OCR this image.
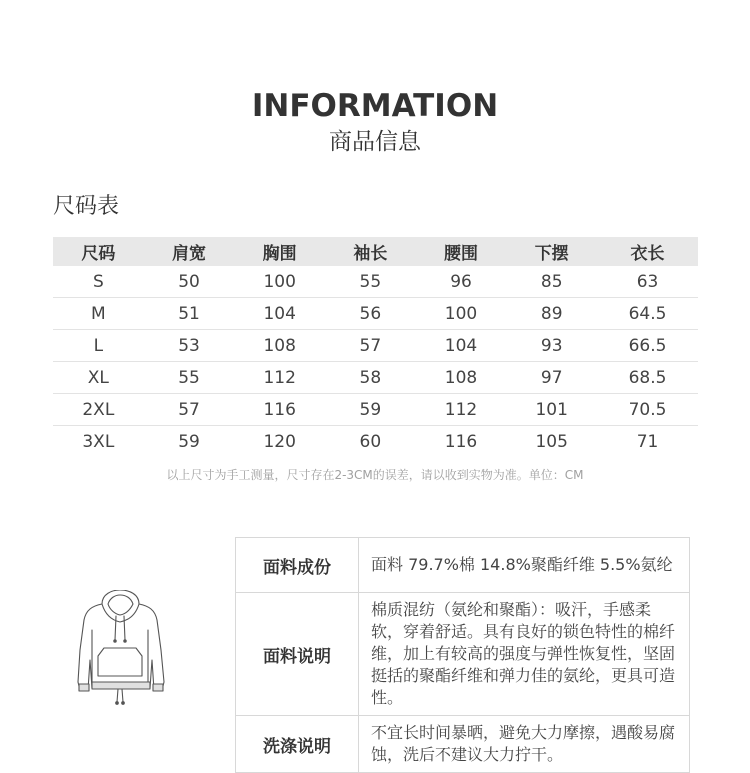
INFORMATION
商品信息
尺码表
尺码	肩宽	胸围	袖长	腰围	下摆	衣长
S	50	100	55	96	85	63
M	51	104	56	100	89	64.5
L	53	108	57	104	93	66.5
XL	55	112	58	108	97	68.5
2XL	57	116	59	112	101	70.5
3XL	59	120	60	116	105	71
以上尺寸为手工测量，尺寸存在2-3CM的误差，请以收到实物为准。单位：CM
面料成份	面料 79.7%棉 14.8%聚酯纤维 5.5%氨纶
面料说明	棉质混纺（氨纶和聚酯）：吸汗，手感柔软，穿着舒适。具有良好的锁色特性的棉纤维，加上有较高的强度与弹性恢复性，坚固挺括的聚酯纤维和弹力佳的氨纶，更具可造性。
洗涤说明	不宜长时间暴晒，避免大力摩擦，遇酸易腐蚀，洗后不建议大力拧干。
